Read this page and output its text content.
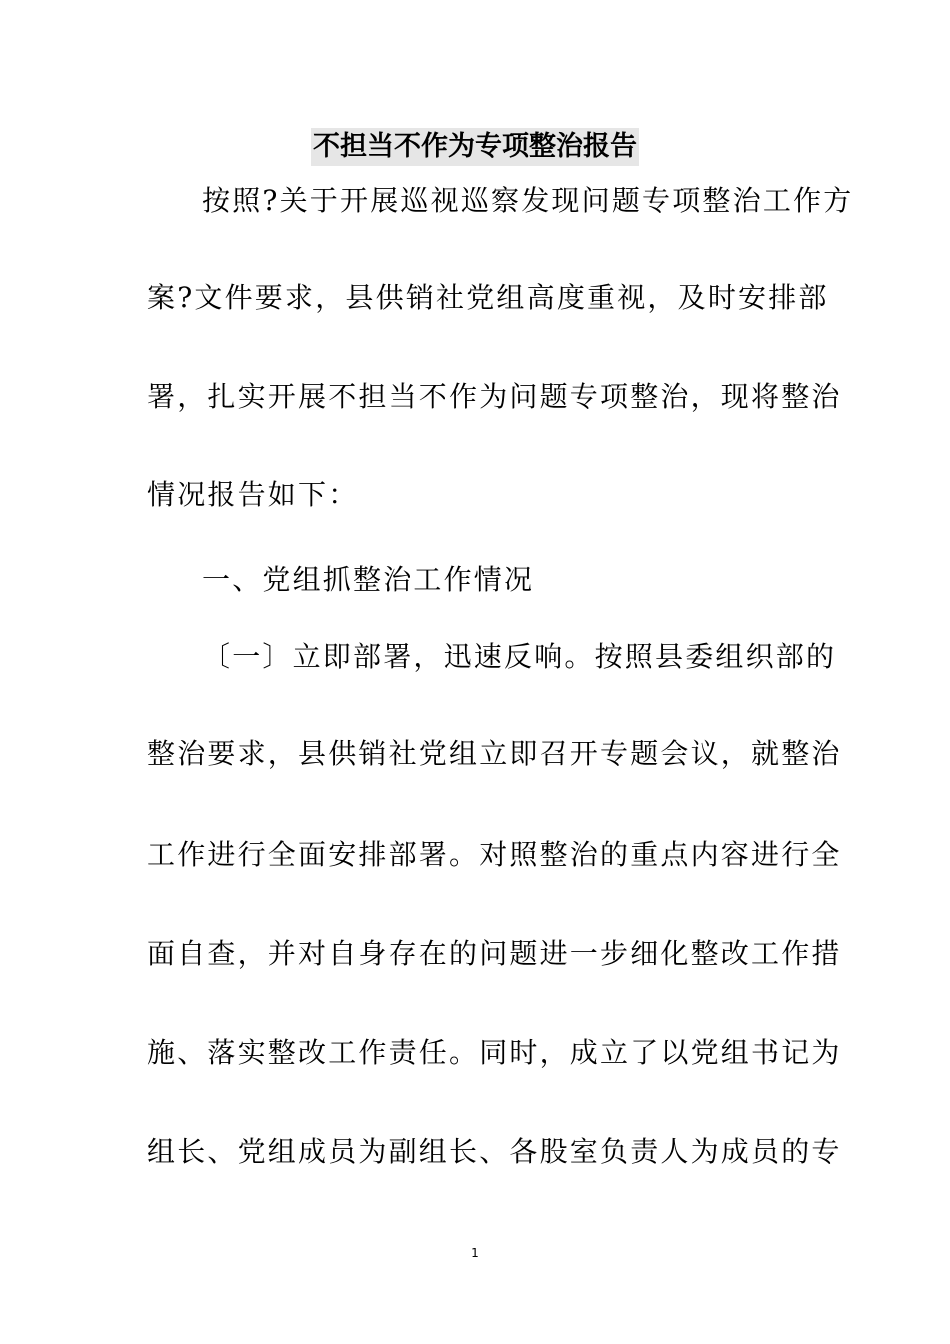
不担当不作为专项整治报告
按照?关于开展巡视巡察发现问题专项整治工作方
案?文件要求，县供销社党组高度重视，及时安排部
署，扎实开展不担当不作为问题专项整治，现将整治
情况报告如下：
一、党组抓整治工作情况
〔一〕立即部署，迅速反响。按照县委组织部的
整治要求，县供销社党组立即召开专题会议，就整治
工作进行全面安排部署。对照整治的重点内容进行全
面自查，并对自身存在的问题进一步细化整改工作措
施、落实整改工作责任。同时，成立了以党组书记为
组长、党组成员为副组长、各股室负责人为成员的专
1
